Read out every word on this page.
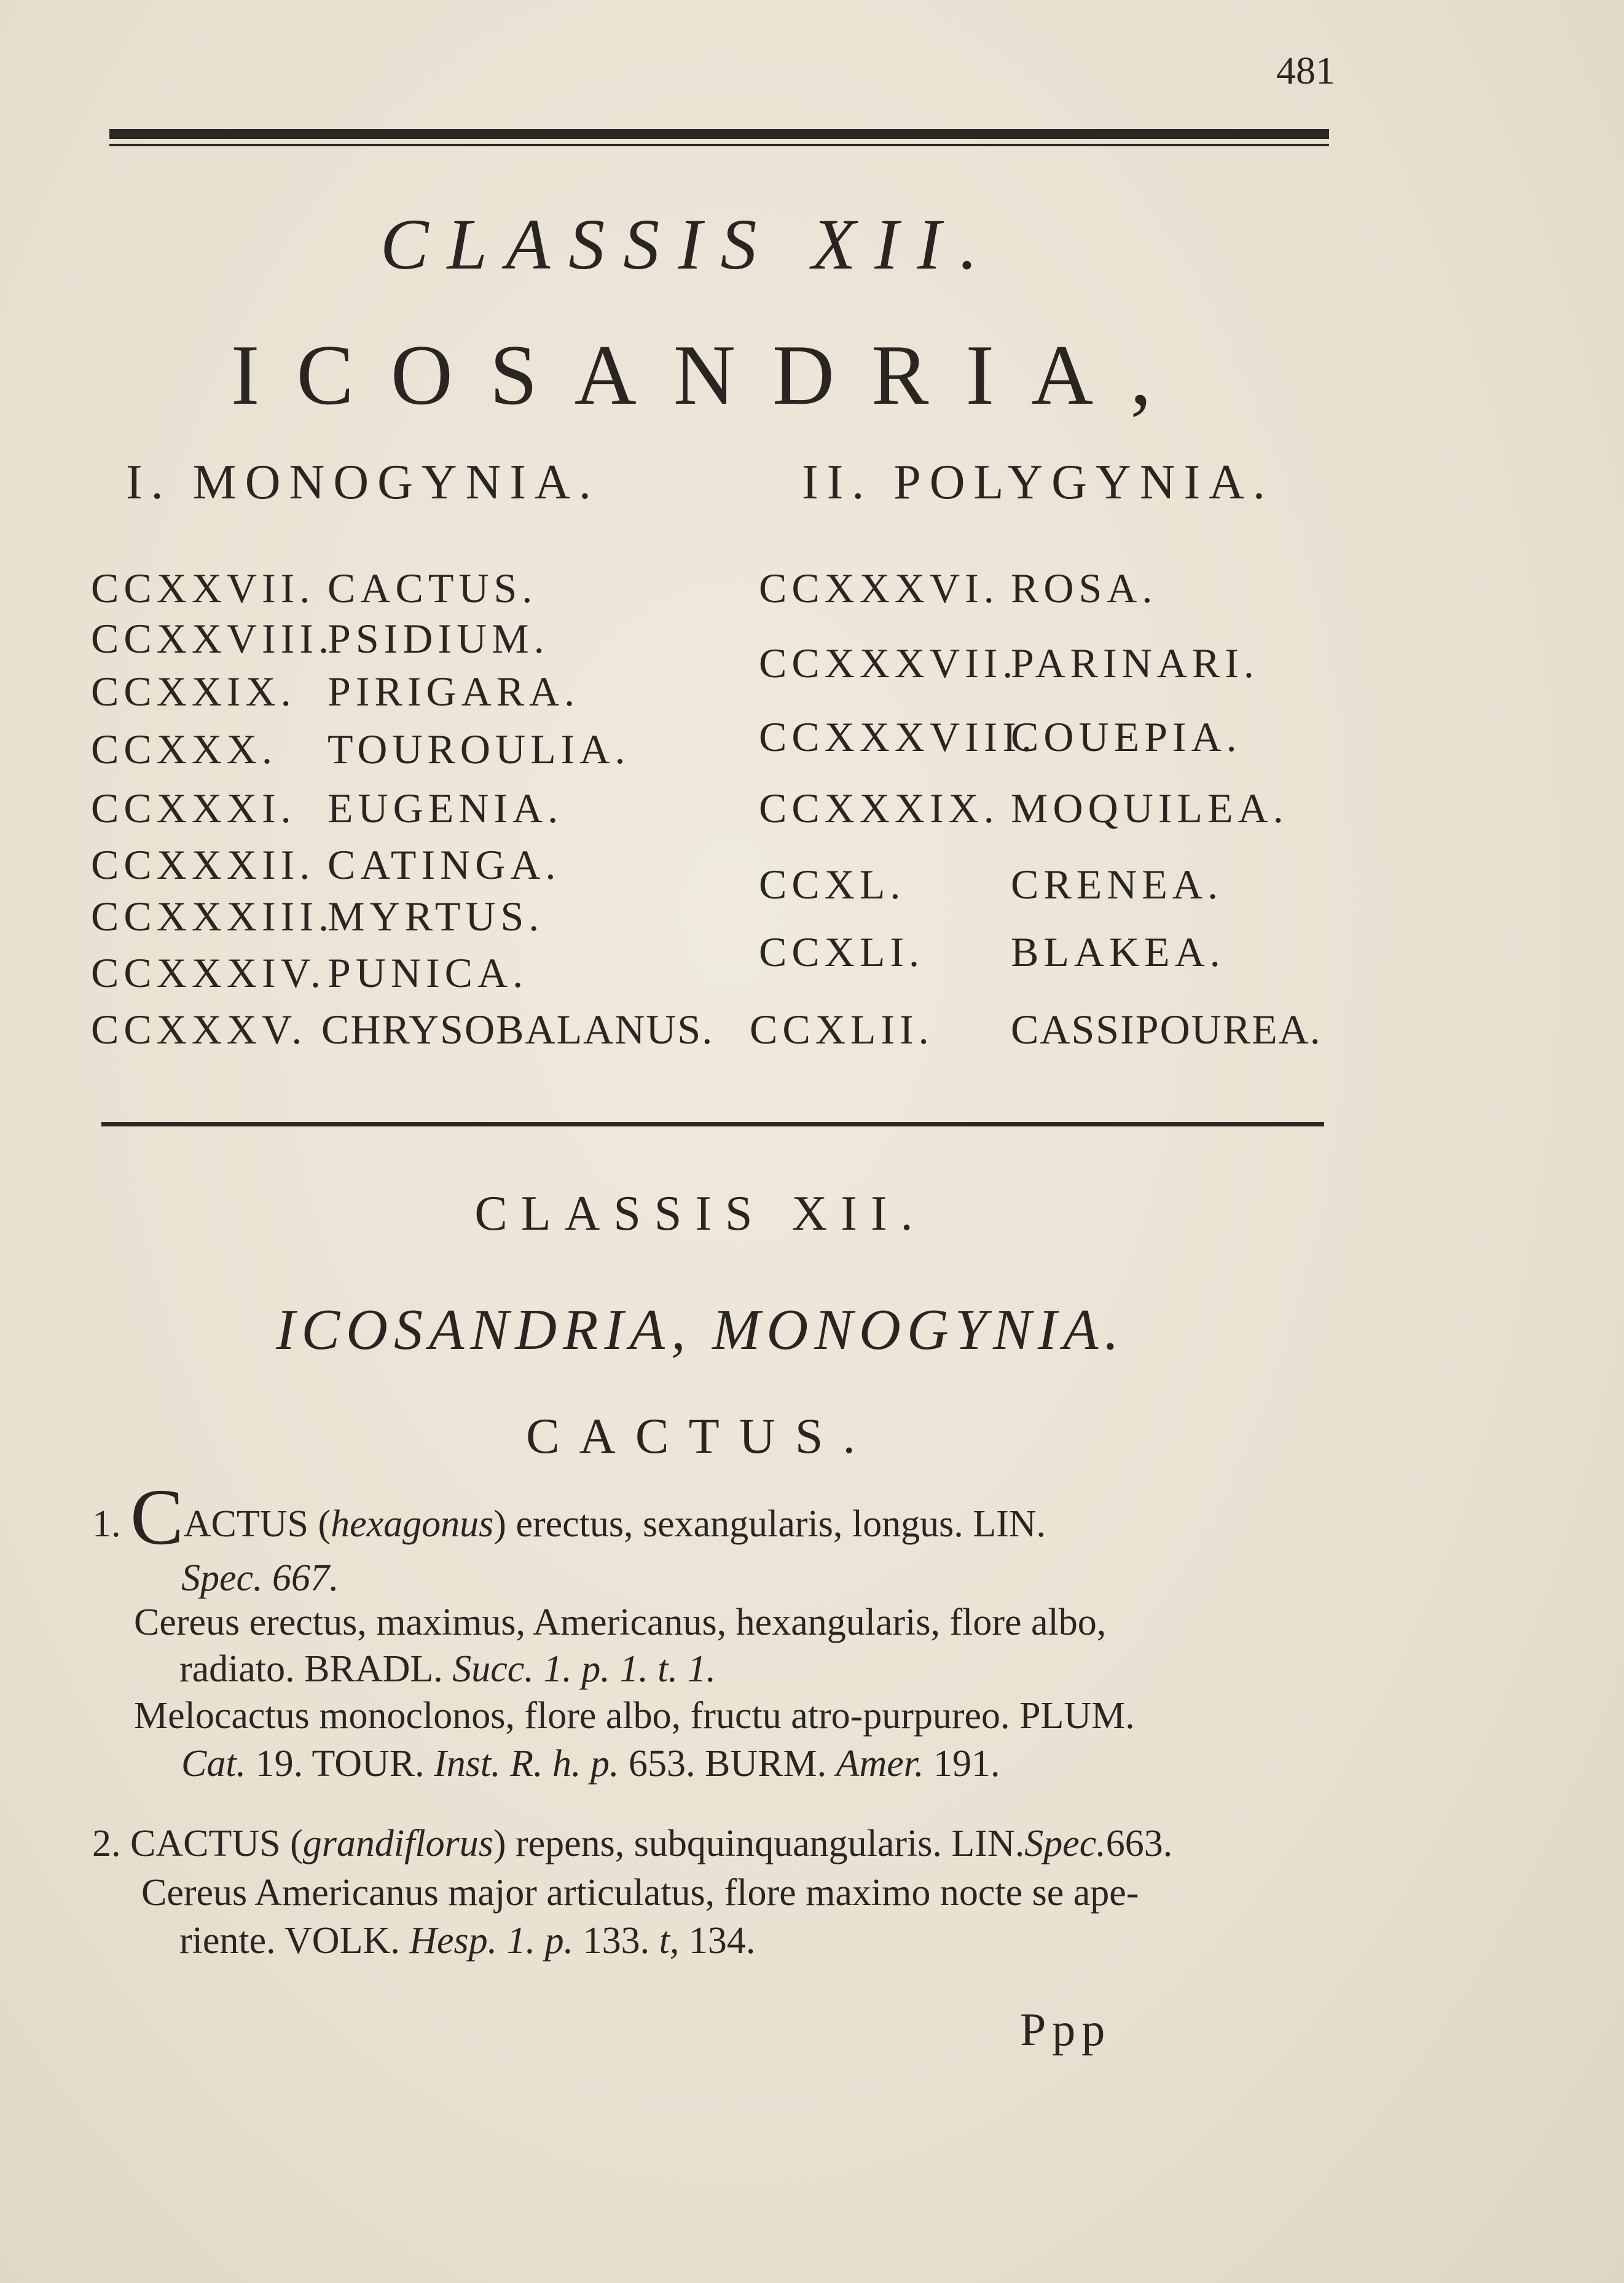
481
CLASSIS XII.
ICOSANDRIA,
I. MONOGYNIA.	II. POLYGYNIA.
CCXXVII. CACTUS.
CCXXVIII.PSIDIUM.
CCXXIX. PIRIGARA.
CCXXX. TOUROULIA.
CCXXXI. EUGENIA.
CCXXXII. CATINGA.
CCXXXIII.MYRTUS.
CCXXXIV.PUNICA.
CCXXXV. CHRYSOBALANUS.
CCXXXVI. ROSA.
CCXXXVII.PARINARI.
CCXXXVIII.COUEPIA.
CCXXXIX. MOQUILEA.
CCXL.	CRENEA.
CCXLI. BLAKEA.
CCXLII. CASSIPOUREA.
CLASSIS XII.
ICOSANDRIA, MONOGYNIA.
CACTUS.
1. CACTUS (hexagonus) erectus, sexangularis, longus. LIN.
Spec. 667.
Cereus erectus, maximus, Americanus, hexangularis, flore albo,
radiato. BRADL. Succ. 1. p. 1. t. 1.
Melocactus monoclonos, flore albo, fructu atro-purpureo. PLUM.
Cat. 19. TOUR. Inst. R. h. p. 653. BURM. Amer. 191.
2. CACTUS (grandiflorus) repens, subquinquangularis. LIN.Spec.663.
Cereus Americanus major articulatus, flore maximo nocte se ape-
riente. VOLK. Hesp. 1. p. 133. t, 134.
Ppp
